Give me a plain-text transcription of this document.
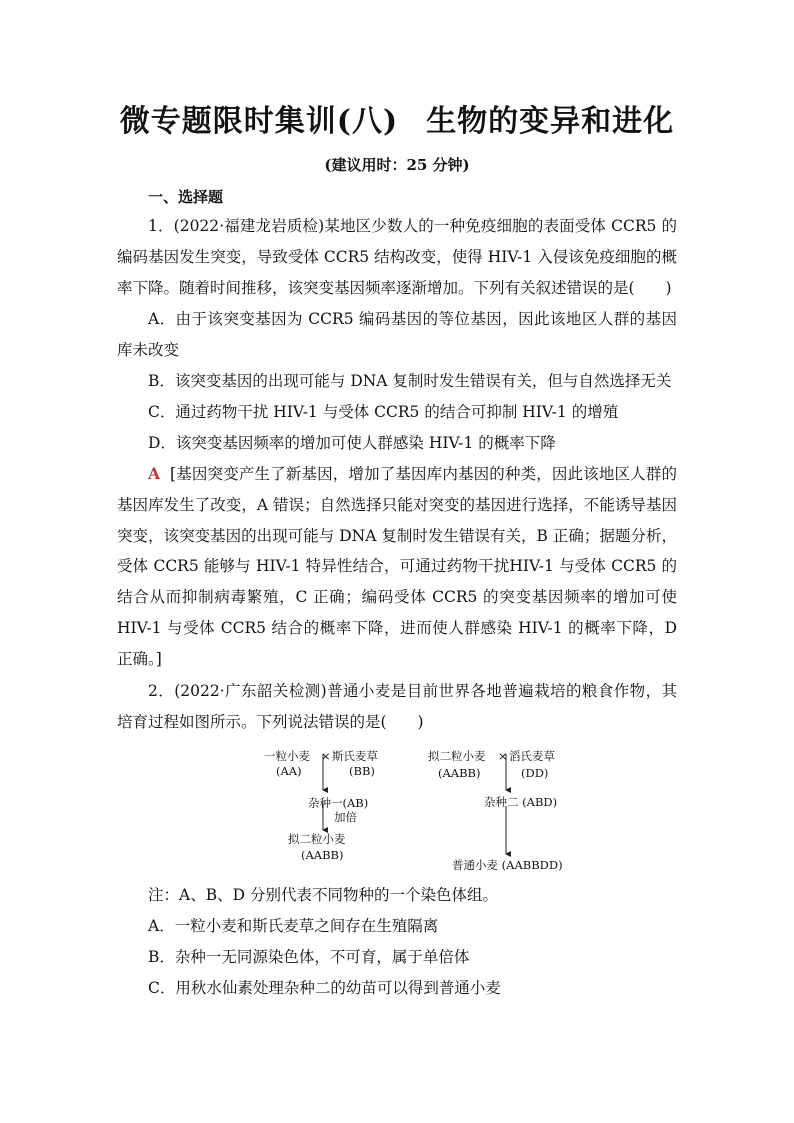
微专题限时集训(八) 生物的变异和进化
(建议用时：25 分钟)
一、选择题
1．(2022·福建龙岩质检)某地区少数人的一种免疫细胞的表面受体 CCR5 的编码基因发生突变，导致受体 CCR5 结构改变，使得 HIV-1 入侵该免疫细胞的概率下降。随着时间推移，该突变基因频率逐渐增加。下列有关叙述错误的是(　　)
A．由于该突变基因为 CCR5 编码基因的等位基因，因此该地区人群的基因库未改变
B．该突变基因的出现可能与 DNA 复制时发生错误有关，但与自然选择无关
C．通过药物干扰 HIV-1 与受体 CCR5 的结合可抑制 HIV-1 的增殖
D．该突变基因频率的增加可使人群感染 HIV-1 的概率下降
A [基因突变产生了新基因，增加了基因库内基因的种类，因此该地区人群的基因库发生了改变，A 错误；自然选择只能对突变的基因进行选择，不能诱导基因突变，该突变基因的出现可能与 DNA 复制时发生错误有关，B 正确；据题分析，受体 CCR5 能够与 HIV-1 特异性结合，可通过药物干扰HIV-1 与受体 CCR5 的结合从而抑制病毒繁殖，C 正确；编码受体 CCR5 的突变基因频率的增加可使 HIV-1 与受体 CCR5 结合的概率下降，进而使人群感染 HIV-1 的概率下降，D 正确。]
2．(2022·广东韶关检测)普通小麦是目前世界各地普遍栽培的粮食作物，其培育过程如图所示。下列说法错误的是(　　)
一粒小麦 × 斯氏麦草
(AA)	(BB)
杂种一(AB)
加倍
拟二粒小麦
(AABB)
拟二粒小麦 × 滔氏麦草
(AABB)	(DD)
杂种二 (ABD)
普通小麦 (AABBDD)
注：A、B、D 分别代表不同物种的一个染色体组。
A．一粒小麦和斯氏麦草之间存在生殖隔离
B．杂种一无同源染色体，不可育，属于单倍体
C．用秋水仙素处理杂种二的幼苗可以得到普通小麦
